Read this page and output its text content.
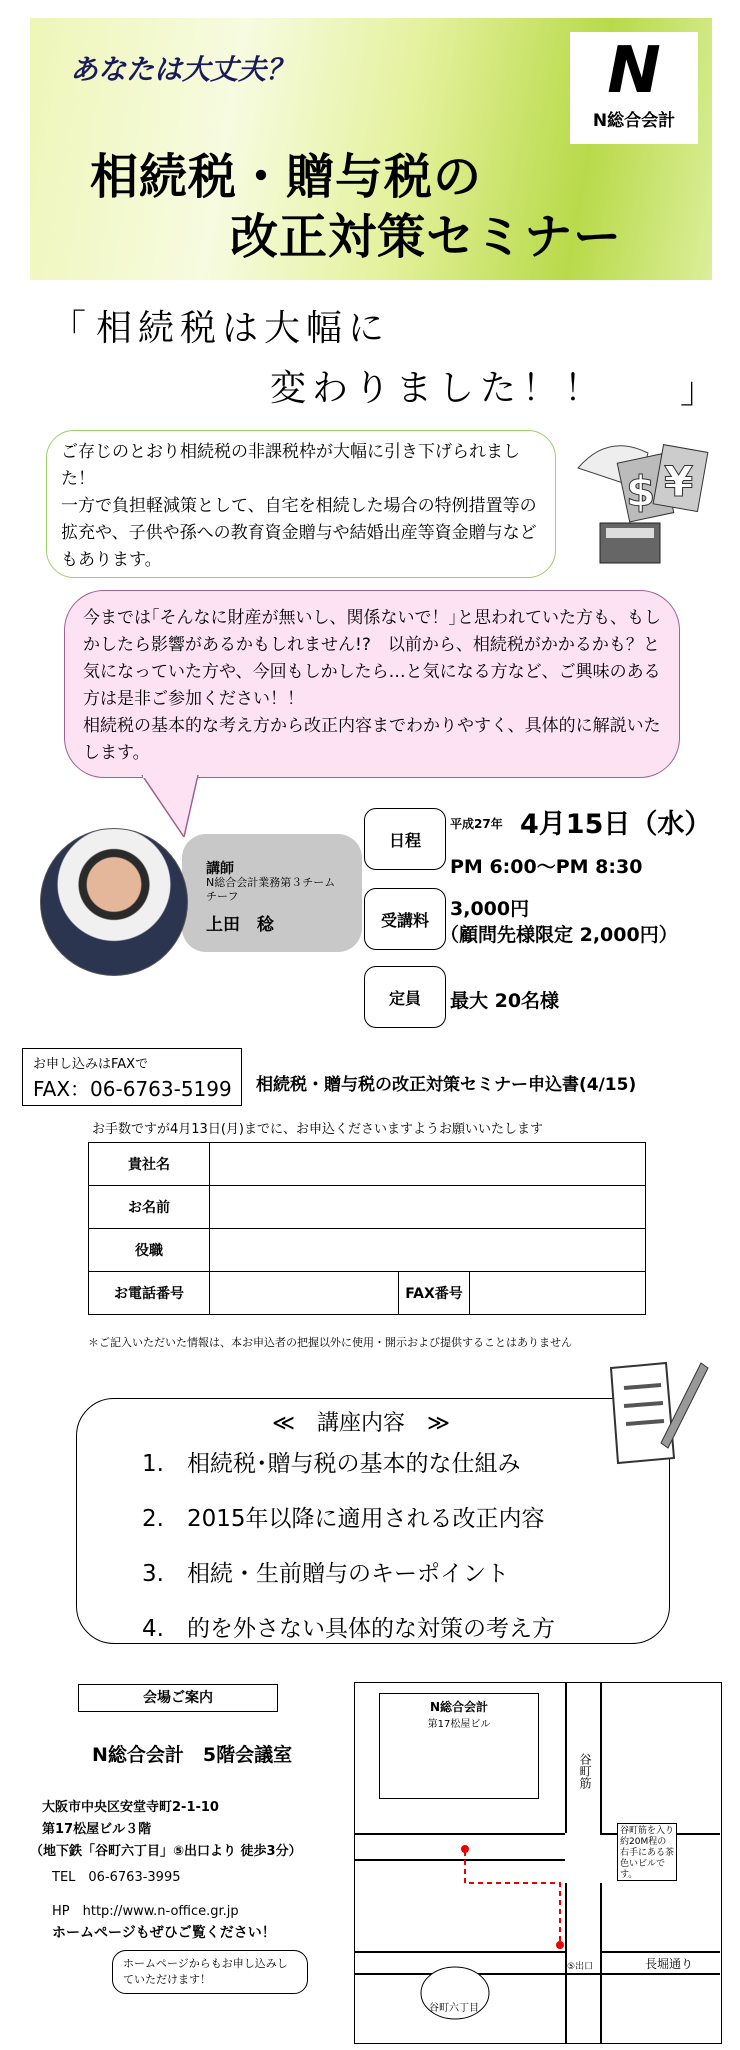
あなたは大丈夫？
相続税・贈与税の
改正対策セミナー
N
N総合会計
「 相続税は大幅に
変わりました！！ 」
ご存じのとおり相続税の非課税枠が大幅に引き下げられました！
一方で負担軽減策として、自宅を相続した場合の特例措置等の拡充や、子供や孫への教育資金贈与や結婚出産等資金贈与などもあります。
$ ¥
今までは｢そんなに財産が無いし、関係ないで！｣と思われていた方も、もしかしたら影響があるかもしれません!?　以前から、相続税がかかるかも？と気になっていた方や、今回もしかしたら…と気になる方など、ご興味のある方は是非ご参加ください！！
相続税の基本的な考え方から改正内容までわかりやすく、具体的に解説いたします。
講師
N総合会計業務第３チーム　チーフ
上田　稔
日程
平成27年 4月15日（水）
PM 6:00～PM 8:30
受講料	3,000円
（顧問先様限定 2,000円）
定員	最大 20名様
お申し込みはFAXで
FAX：06-6763-5199 相続税・贈与税の改正対策セミナー申込書(4/15)
お手数ですが4月13日(月)までに、お申込くださいますようお願いいたします
貴社名			
お名前			
役職			
お電話番号		FAX番号	
＊ご記入いただいた情報は、本お申込者の把握以外に使用・開示および提供することはありません
≪　講座内容　≫
1.　相続税･贈与税の基本的な仕組み
2.　2015年以降に適用される改正内容
3.　相続・生前贈与のキーポイント
4.　的を外さない具体的な対策の考え方
会場ご案内
N総合会計　5階会議室
大阪市中央区安堂寺町2-1-10
第17松屋ビル３階
（地下鉄「谷町六丁目」⑤出口より 徒歩3分）
TEL　06-6763-3995
HP　http://www.n-office.gr.jp
ホームページもぜひご覧ください！
ホームページからもお申し込みしていただけます！
N総合会計
第17松屋ビル
谷町筋
谷町筋を入り約20M程の右手にある茶色いビルです。
長堀通り
⑤出口
谷町六丁目
